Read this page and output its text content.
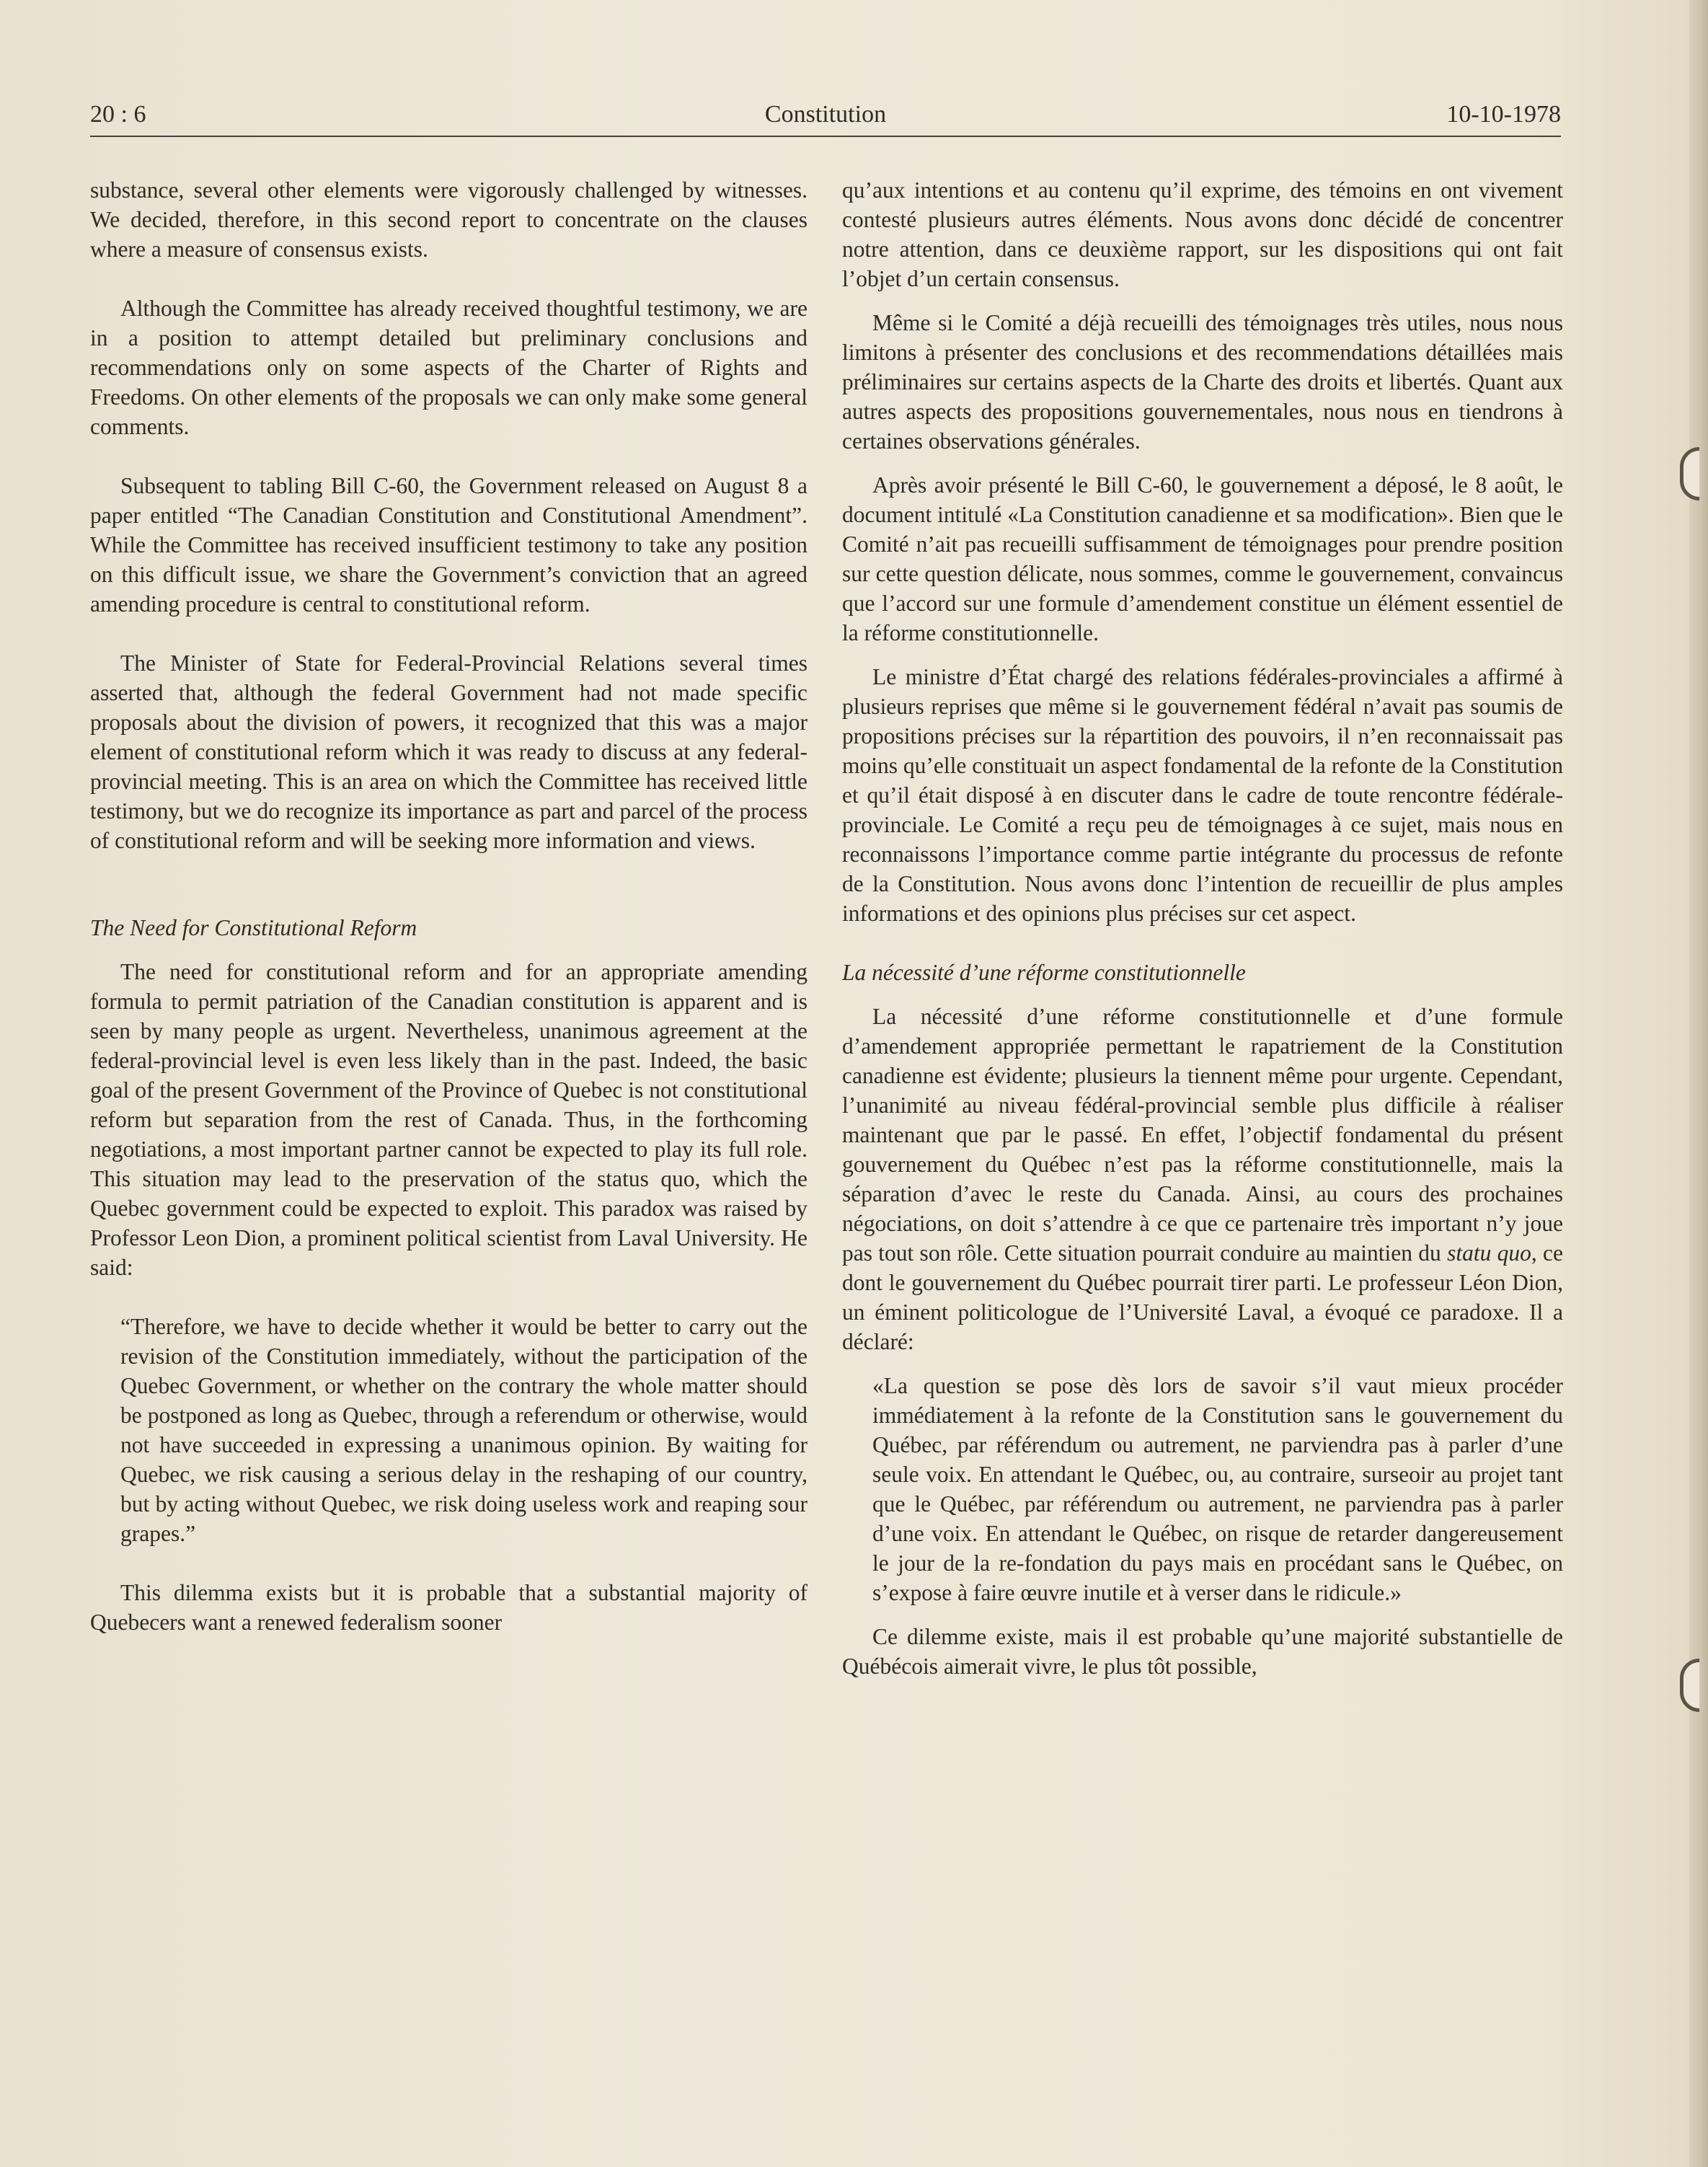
20 : 6	Constitution	10-10-1978

substance, several other elements were vigorously challenged by witnesses. We decided, therefore, in this second report to concentrate on the clauses where a measure of consensus exists.

Although the Committee has already received thoughtful testimony, we are in a position to attempt detailed but preliminary conclusions and recommendations only on some aspects of the Charter of Rights and Freedoms. On other elements of the proposals we can only make some general comments.

Subsequent to tabling Bill C-60, the Government released on August 8 a paper entitled “The Canadian Constitution and Constitutional Amendment”. While the Committee has received insufficient testimony to take any position on this difficult issue, we share the Government’s conviction that an agreed amending procedure is central to constitutional reform.

The Minister of State for Federal-Provincial Relations several times asserted that, although the federal Government had not made specific proposals about the division of powers, it recognized that this was a major element of constitutional reform which it was ready to discuss at any federal-provincial meeting. This is an area on which the Committee has received little testimony, but we do recognize its importance as part and parcel of the process of constitutional reform and will be seeking more information and views.

The Need for Constitutional Reform

The need for constitutional reform and for an appropriate amending formula to permit patriation of the Canadian constitution is apparent and is seen by many people as urgent. Nevertheless, unanimous agreement at the federal-provincial level is even less likely than in the past. Indeed, the basic goal of the present Government of the Province of Quebec is not constitutional reform but separation from the rest of Canada. Thus, in the forthcoming negotiations, a most important partner cannot be expected to play its full role. This situation may lead to the preservation of the status quo, which the Quebec government could be expected to exploit. This paradox was raised by Professor Leon Dion, a prominent political scientist from Laval University. He said:

“Therefore, we have to decide whether it would be better to carry out the revision of the Constitution immediately, without the participation of the Quebec Government, or whether on the contrary the whole matter should be postponed as long as Quebec, through a referendum or otherwise, would not have succeeded in expressing a unanimous opinion. By waiting for Quebec, we risk causing a serious delay in the reshaping of our country, but by acting without Quebec, we risk doing useless work and reaping sour grapes.”

This dilemma exists but it is probable that a substantial majority of Quebecers want a renewed federalism sooner

qu’aux intentions et au contenu qu’il exprime, des témoins en ont vivement contesté plusieurs autres éléments. Nous avons donc décidé de concentrer notre attention, dans ce deuxième rapport, sur les dispositions qui ont fait l’objet d’un certain consensus.

Même si le Comité a déjà recueilli des témoignages très utiles, nous nous limitons à présenter des conclusions et des recommendations détaillées mais préliminaires sur certains aspects de la Charte des droits et libertés. Quant aux autres aspects des propositions gouvernementales, nous nous en tiendrons à certaines observations générales.

Après avoir présenté le Bill C-60, le gouvernement a déposé, le 8 août, le document intitulé «La Constitution canadienne et sa modification». Bien que le Comité n’ait pas recueilli suffisamment de témoignages pour prendre position sur cette question délicate, nous sommes, comme le gouvernement, convaincus que l’accord sur une formule d’amendement constitue un élément essentiel de la réforme constitutionnelle.

Le ministre d’État chargé des relations fédérales-provinciales a affirmé à plusieurs reprises que même si le gouvernement fédéral n’avait pas soumis de propositions précises sur la répartition des pouvoirs, il n’en reconnaissait pas moins qu’elle constituait un aspect fondamental de la refonte de la Constitution et qu’il était disposé à en discuter dans le cadre de toute rencontre fédérale-provinciale. Le Comité a reçu peu de témoignages à ce sujet, mais nous en reconnaissons l’importance comme partie intégrante du processus de refonte de la Constitution. Nous avons donc l’intention de recueillir de plus amples informations et des opinions plus précises sur cet aspect.

La nécessité d’une réforme constitutionnelle

La nécessité d’une réforme constitutionnelle et d’une formule d’amendement appropriée permettant le rapatriement de la Constitution canadienne est évidente; plusieurs la tiennent même pour urgente. Cependant, l’unanimité au niveau fédéral-provincial semble plus difficile à réaliser maintenant que par le passé. En effet, l’objectif fondamental du présent gouvernement du Québec n’est pas la réforme constitutionnelle, mais la séparation d’avec le reste du Canada. Ainsi, au cours des prochaines négociations, on doit s’attendre à ce que ce partenaire très important n’y joue pas tout son rôle. Cette situation pourrait conduire au maintien du statu quo, ce dont le gouvernement du Québec pourrait tirer parti. Le professeur Léon Dion, un éminent politicologue de l’Université Laval, a évoqué ce paradoxe. Il a déclaré:

«La question se pose dès lors de savoir s’il vaut mieux procéder immédiatement à la refonte de la Constitution sans le gouvernement du Québec, par référendum ou autrement, ne parviendra pas à parler d’une seule voix. En attendant le Québec, ou, au contraire, surseoir au projet tant que le Québec, par référendum ou autrement, ne parviendra pas à parler d’une voix. En attendant le Québec, on risque de retarder dangereusement le jour de la re-fondation du pays mais en procédant sans le Québec, on s’expose à faire œuvre inutile et à verser dans le ridicule.»

Ce dilemme existe, mais il est probable qu’une majorité substantielle de Québécois aimerait vivre, le plus tôt possible,
